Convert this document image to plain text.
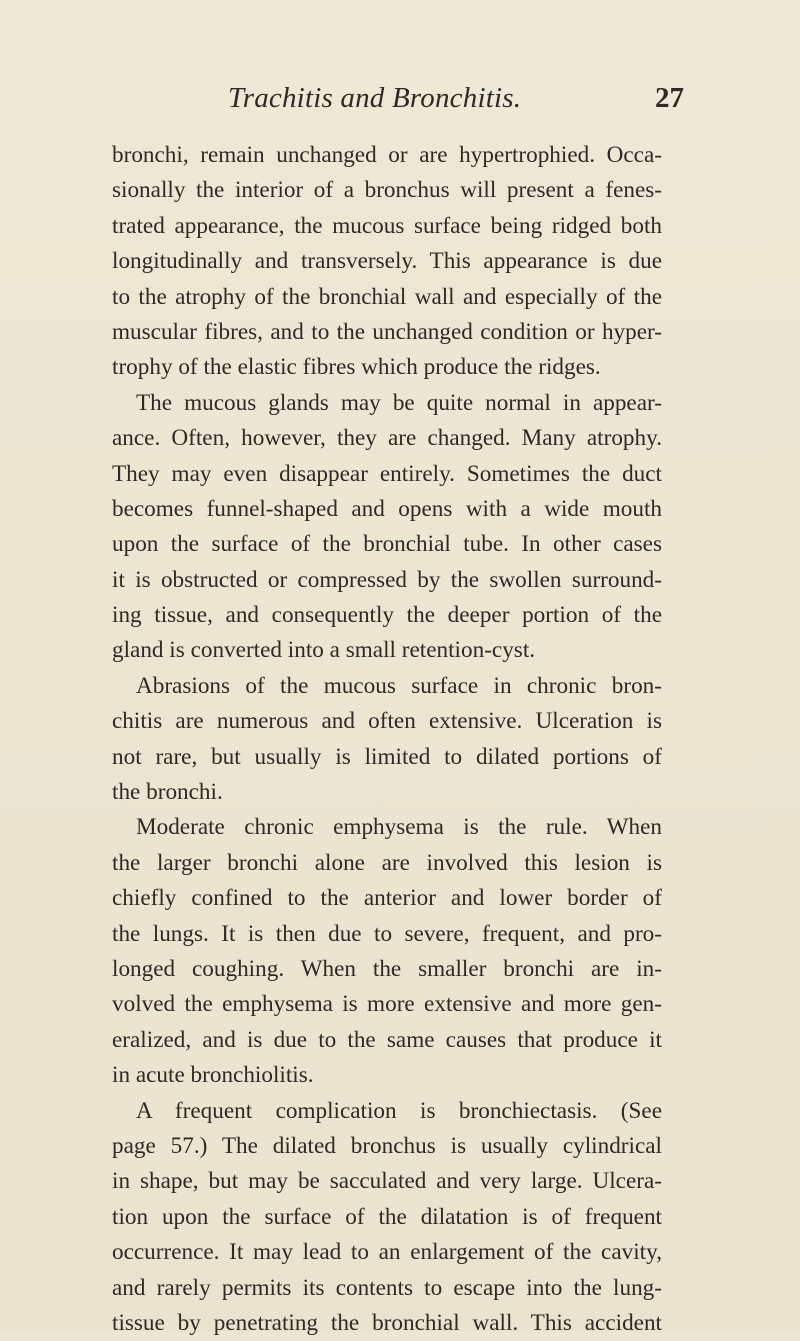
Trachitis and Bronchitis.	27
bronchi, remain unchanged or are hypertrophied. Occa-
sionally the interior of a bronchus will present a fenes-
trated appearance, the mucous surface being ridged both
longitudinally and transversely. This appearance is due
to the atrophy of the bronchial wall and especially of the
muscular fibres, and to the unchanged condition or hyper-
trophy of the elastic fibres which produce the ridges.
The mucous glands may be quite normal in appear-
ance. Often, however, they are changed. Many atrophy.
They may even disappear entirely. Sometimes the duct
becomes funnel-shaped and opens with a wide mouth
upon the surface of the bronchial tube. In other cases
it is obstructed or compressed by the swollen surround-
ing tissue, and consequently the deeper portion of the
gland is converted into a small retention-cyst.
Abrasions of the mucous surface in chronic bron-
chitis are numerous and often extensive. Ulceration is
not rare, but usually is limited to dilated portions of
the bronchi.
Moderate chronic emphysema is the rule. When
the larger bronchi alone are involved this lesion is
chiefly confined to the anterior and lower border of
the lungs. It is then due to severe, frequent, and pro-
longed coughing. When the smaller bronchi are in-
volved the emphysema is more extensive and more gen-
eralized, and is due to the same causes that produce it
in acute bronchiolitis.
A frequent complication is bronchiectasis. (See
page 57.) The dilated bronchus is usually cylindrical
in shape, but may be sacculated and very large. Ulcera-
tion upon the surface of the dilatation is of frequent
occurrence. It may lead to an enlargement of the cavity,
and rarely permits its contents to escape into the lung-
tissue by penetrating the bronchial wall. This accident
